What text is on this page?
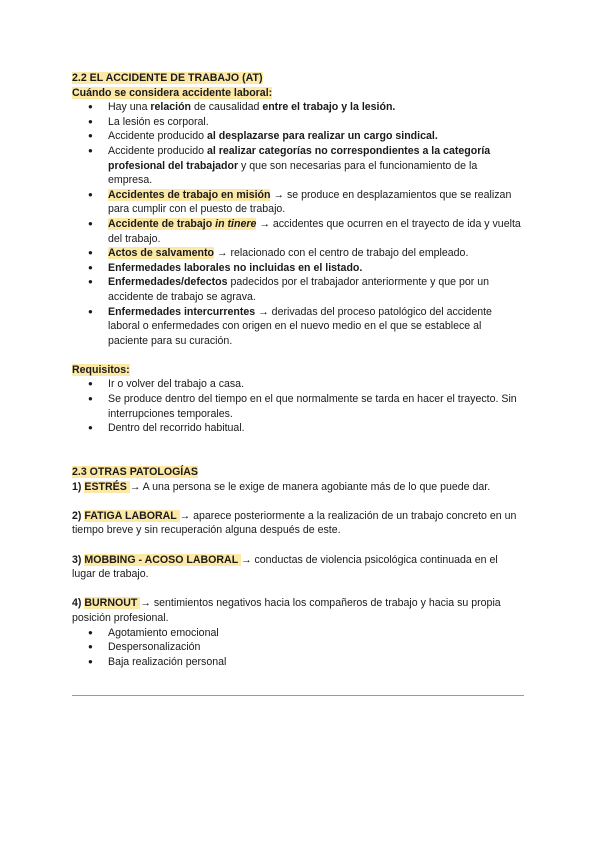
2.2 EL ACCIDENTE DE TRABAJO (AT)

Cuándo se considera accidente laboral:

● Hay una relación de causalidad entre el trabajo y la lesión.
● La lesión es corporal.
● Accidente producido al desplazarse para realizar un cargo sindical.
● Accidente producido al realizar categorías no correspondientes a la categoría profesional del trabajador y que son necesarias para el funcionamiento de la empresa.
● Accidentes de trabajo en misión → se produce en desplazamientos que se realizan para cumplir con el puesto de trabajo.
● Accidente de trabajo in tinere → accidentes que ocurren en el trayecto de ida y vuelta del trabajo.
● Actos de salvamento → relacionado con el centro de trabajo del empleado.
● Enfermedades laborales no incluidas en el listado.
● Enfermedades/defectos padecidos por el trabajador anteriormente y que por un accidente de trabajo se agrava.
● Enfermedades intercurrentes → derivadas del proceso patológico del accidente laboral o enfermedades con origen en el nuevo medio en el que se establece al paciente para su curación.

Requisitos:

● Ir o volver del trabajo a casa.
● Se produce dentro del tiempo en el que normalmente se tarda en hacer el trayecto. Sin interrupciones temporales.
● Dentro del recorrido habitual.

2.3 OTRAS PATOLOGÍAS

1) ESTRÉS → A una persona se le exige de manera agobiante más de lo que puede dar.

2) FATIGA LABORAL → aparece posteriormente a la realización de un trabajo concreto en un tiempo breve y sin recuperación alguna después de este.

3) MOBBING - ACOSO LABORAL → conductas de violencia psicológica continuada en el lugar de trabajo.

4) BURNOUT → sentimientos negativos hacia los compañeros de trabajo y hacia su propia posición profesional.

● Agotamiento emocional
● Despersonalización
● Baja realización personal
